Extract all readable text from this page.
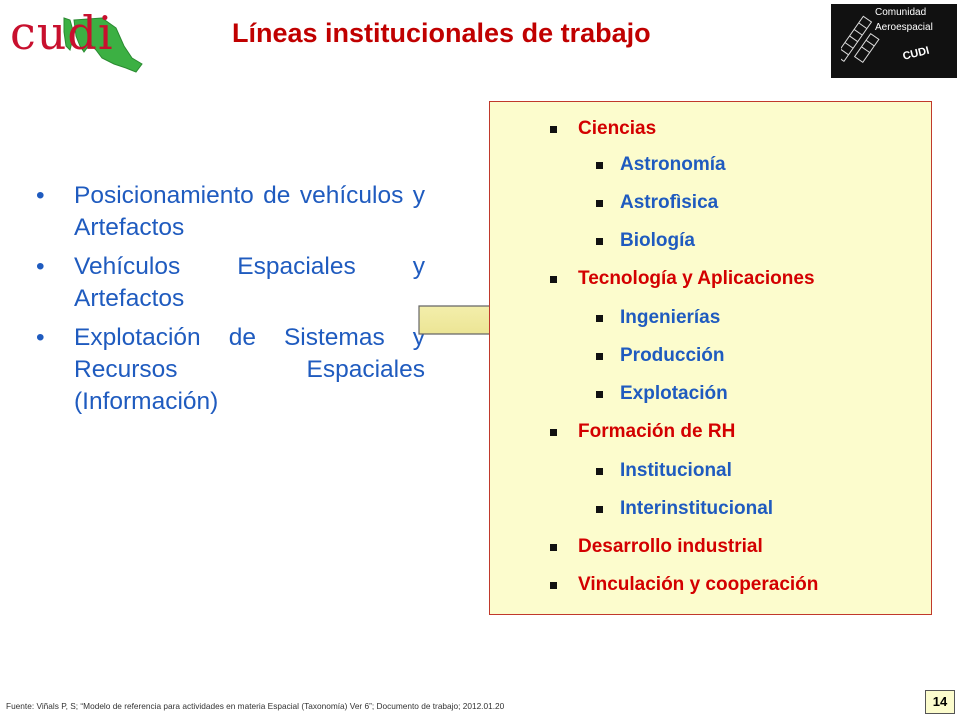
cudi	Líneas institucionales de trabajo
Comunidad
Aeroespacial
CUDI
• Posicionamiento de vehículos y Artefactos
• Vehículos Espaciales y Artefactos
• Explotación de Sistemas y Recursos Espaciales (Información)
Ciencias
Astronomía
Astrofìsica
Biología
Tecnología y Aplicaciones
Ingenierías
Producción
Explotación
Formación de RH
Institucional
Interinstitucional
Desarrollo industrial
Vinculación y cooperación
Fuente: Viñals P, S; “Modelo de referencia para actividades en materia Espacial (Taxonomía) Ver 6”; Documento de trabajo; 2012.01.20	14
